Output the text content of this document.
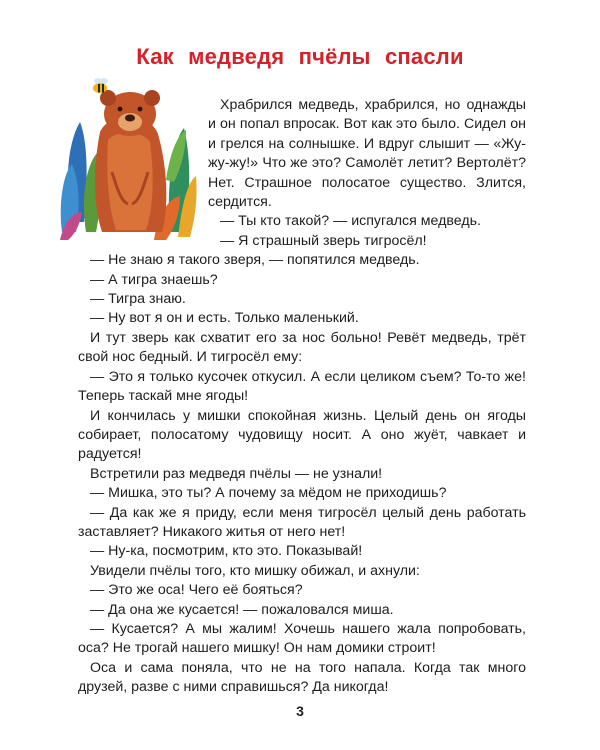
Как медведя пчёлы спасли

Храбрился медведь, храбрился, но однажды и он попал впросак. Вот как это было. Сидел он и грелся на солнышке. И вдруг слышит — «Жу-жу-жу!» Что же это? Самолёт летит? Вертолёт? Нет. Страшное полосатое существо. Злится, сердится.

— Ты кто такой? — испугался медведь.

— Я страшный зверь тигросёл!

— Не знаю я такого зверя, — попятился медведь.

— А тигра знаешь?

— Тигра знаю.

— Ну вот я он и есть. Только маленький.

И тут зверь как схватит его за нос больно! Ревёт медведь, трёт свой нос бедный. И тигросёл ему:

— Это я только кусочек откусил. А если целиком съем? То-то же! Теперь таскай мне ягоды!

И кончилась у мишки спокойная жизнь. Целый день он ягоды собирает, полосатому чудовищу носит. А оно жуёт, чавкает и радуется!

Встретили раз медведя пчёлы — не узнали!

— Мишка, это ты? А почему за мёдом не приходишь?

— Да как же я приду, если меня тигросёл целый день работать заставляет? Никакого житья от него нет!

— Ну-ка, посмотрим, кто это. Показывай!

Увидели пчёлы того, кто мишку обижал, и ахнули:

— Это же оса! Чего её бояться?

— Да она же кусается! — пожаловался миша.

— Кусается? А мы жалим! Хочешь нашего жала попробовать, оса? Не трогай нашего мишку! Он нам домики строит!

Оса и сама поняла, что не на того напала. Когда так много друзей, разве с ними справишься? Да никогда!

3
